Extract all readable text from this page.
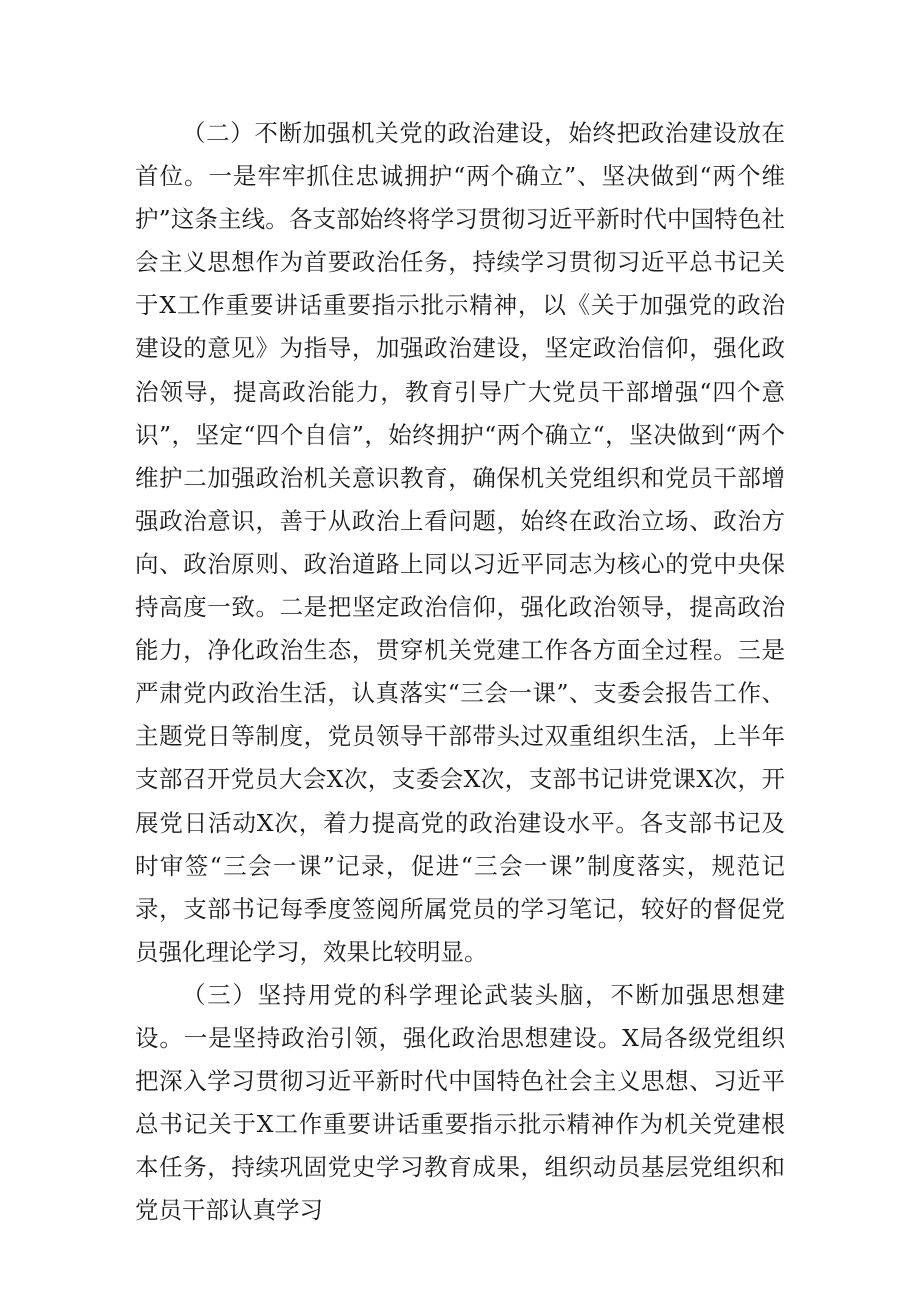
（二）不断加强机关党的政治建设，始终把政治建设放在首位。一是牢牢抓住忠诚拥护“两个确立”、坚决做到“两个维护”这条主线。各支部始终将学习贯彻习近平新时代中国特色社会主义思想作为首要政治任务，持续学习贯彻习近平总书记关于X工作重要讲话重要指示批示精神，以《关于加强党的政治建设的意见》为指导，加强政治建设，坚定政治信仰，强化政治领导，提高政治能力，教育引导广大党员干部增强“四个意识”，坚定“四个自信”，始终拥护“两个确立“，坚决做到“两个维护二加强政治机关意识教育，确保机关党组织和党员干部增强政治意识，善于从政治上看问题，始终在政治立场、政治方向、政治原则、政治道路上同以习近平同志为核心的党中央保持高度一致。二是把坚定政治信仰，强化政治领导，提高政治能力，净化政治生态，贯穿机关党建工作各方面全过程。三是严肃党内政治生活，认真落实“三会一课”、支委会报告工作、主题党日等制度，党员领导干部带头过双重组织生活，上半年支部召开党员大会X次，支委会X次，支部书记讲党课X次，开展党日活动X次，着力提高党的政治建设水平。各支部书记及时审签“三会一课”记录，促进“三会一课”制度落实，规范记录，支部书记每季度签阅所属党员的学习笔记，较好的督促党员强化理论学习，效果比较明显。

（三）坚持用党的科学理论武装头脑，不断加强思想建设。一是坚持政治引领，强化政治思想建设。X局各级党组织把深入学习贯彻习近平新时代中国特色社会主义思想、习近平总书记关于X工作重要讲话重要指示批示精神作为机关党建根本任务，持续巩固党史学习教育成果，组织动员基层党组织和党员干部认真学习
